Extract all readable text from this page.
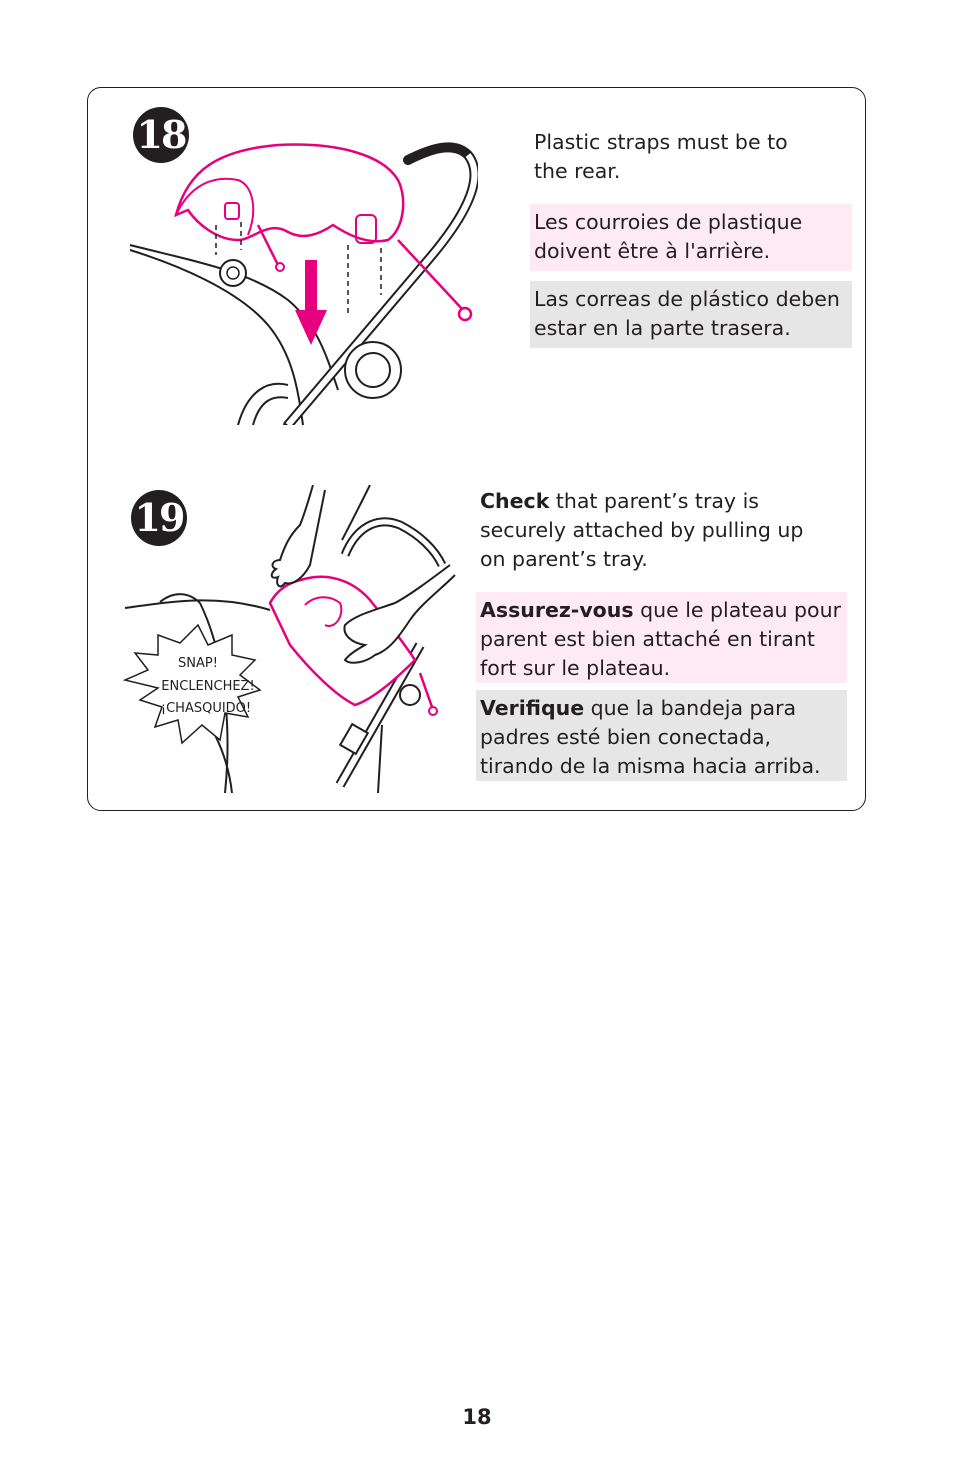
18	Plastic straps must be to the rear.
Les courroies de plastique doivent être à l'arrière.
Las correas de plástico deben estar en la parte trasera.
19
SNAP!
ENCLENCHEZ!
¡CHASQUIDO!
Check that parent’s tray is securely attached by pulling up on parent’s tray.
Assurez-vous que le plateau pour parent est bien attaché en tirant fort sur le plateau.
Verifique que la bandeja para padres esté bien conectada, tirando de la misma hacia arriba.
18
